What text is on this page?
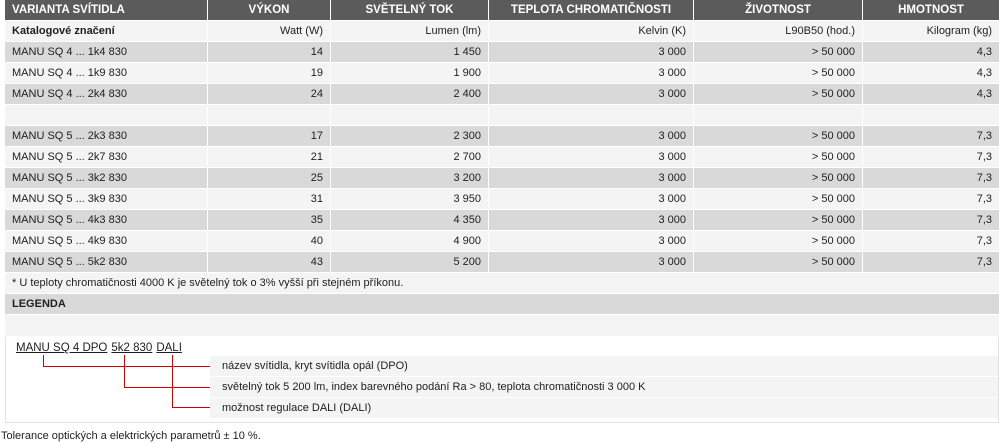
VARIANTA SVÍTIDLA	VÝKON	SVĚTELNÝ TOK	TEPLOTA CHROMATIČNOSTI	ŽIVOTNOST	HMOTNOST
Katalogové značení	Watt (W)	Lumen (lm)	Kelvin (K)	L90B50 (hod.)	Kilogram (kg)
MANU SQ 4 ... 1k4 830	14	1 450	3 000	> 50 000	4,3
MANU SQ 4 ... 1k9 830	19	1 900	3 000	> 50 000	4,3
MANU SQ 4 ... 2k4 830	24	2 400	3 000	> 50 000	4,3
MANU SQ 5 ... 2k3 830	17	2 300	3 000	> 50 000	7,3
MANU SQ 5 ... 2k7 830	21	2 700	3 000	> 50 000	7,3
MANU SQ 5 ... 3k2 830	25	3 200	3 000	> 50 000	7,3
MANU SQ 5 ... 3k9 830	31	3 950	3 000	> 50 000	7,3
MANU SQ 5 ... 4k3 830	35	4 350	3 000	> 50 000	7,3
MANU SQ 5 ... 4k9 830	40	4 900	3 000	> 50 000	7,3
MANU SQ 5 ... 5k2 830	43	5 200	3 000	> 50 000	7,3
* U teploty chromatičnosti 4000 K je světelný tok o 3% vyšší při stejném příkonu.
LEGENDA
MANU SQ 4 DPO 5k2 830 DALI
název svítidla, kryt svítidla opál (DPO)
světelný tok 5 200 lm, index barevného podání Ra > 80, teplota chromatičnosti 3 000 K
možnost regulace DALI (DALI)
Tolerance optických a elektrických parametrů ± 10 %.
